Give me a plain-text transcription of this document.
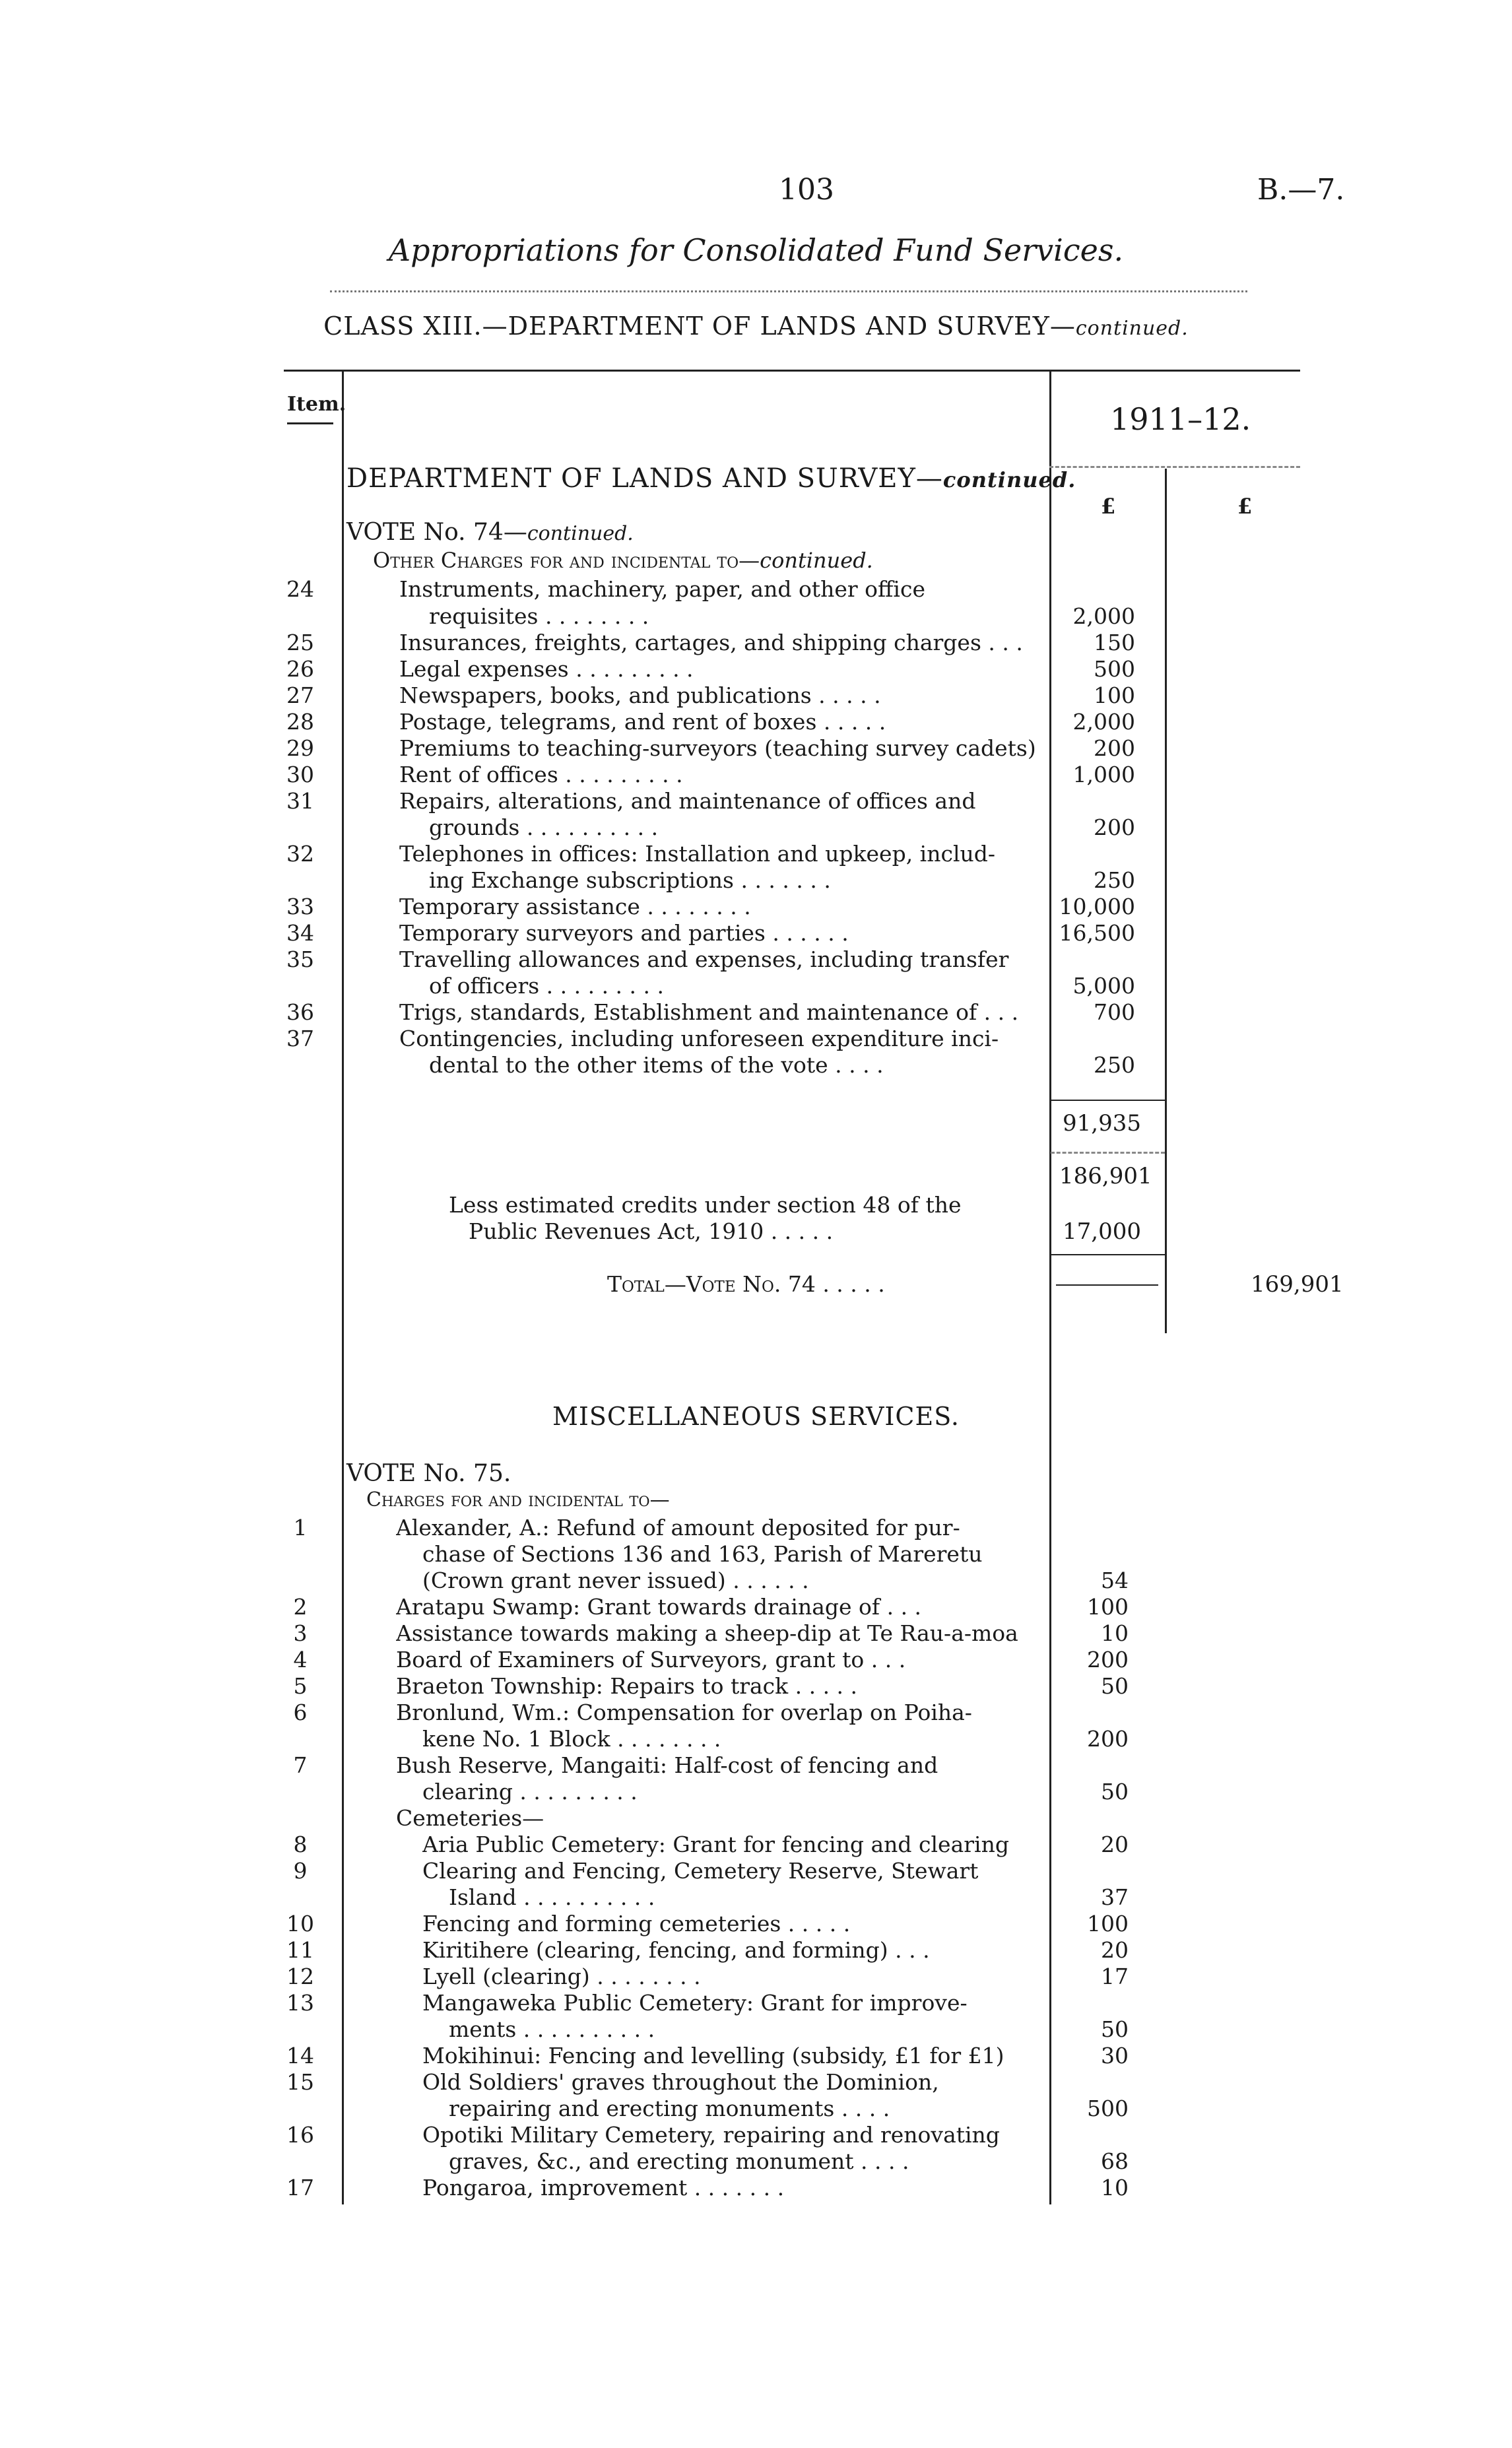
103	B.—7.
Appropriations for Consolidated Fund Services.
CLASS XIII.—DEPARTMENT OF LANDS AND SURVEY—continued.
Item.	1911–12.
£	£
DEPARTMENT OF LANDS AND SURVEY—continued.
VOTE No. 74—continued.
Other Charges for and incidental to—continued.
24	Instruments, machinery, paper, and other office
requisites . . . . . . . .	2,000
25	Insurances, freights, cartages, and shipping charges . . .	150
26	Legal expenses . . . . . . . . .	500
27	Newspapers, books, and publications . . . . .	100
28	Postage, telegrams, and rent of boxes . . . . .	2,000
29	Premiums to teaching-surveyors (teaching survey cadets)	200
30	Rent of offices . . . . . . . . .	1,000
31	Repairs, alterations, and maintenance of offices and
grounds . . . . . . . . . .	200
32	Telephones in offices: Installation and upkeep, includ-
ing Exchange subscriptions . . . . . . .	250
33	Temporary assistance . . . . . . . .	10,000
34	Temporary surveyors and parties . . . . . .	16,500
35	Travelling allowances and expenses, including transfer
of officers . . . . . . . . .	5,000
36	Trigs, standards, Establishment and maintenance of . . .	700
37	Contingencies, including unforeseen expenditure inci-
dental to the other items of the vote . . . .	250
91,935
186,901
Less estimated credits under section 48 of the
Public Revenues Act, 1910 . . . . .	17,000
Total—Vote No. 74 . . . . .	169,901
MISCELLANEOUS SERVICES.
VOTE No. 75.
Charges for and incidental to—
1	Alexander, A.: Refund of amount deposited for pur-
chase of Sections 136 and 163, Parish of Mareretu
(Crown grant never issued) . . . . . .	54
2	Aratapu Swamp: Grant towards drainage of . . .	100
3	Assistance towards making a sheep-dip at Te Rau-a-moa	10
4	Board of Examiners of Surveyors, grant to . . .	200
5	Braeton Township: Repairs to track . . . . .	50
6	Bronlund, Wm.: Compensation for overlap on Poiha-
kene No. 1 Block . . . . . . . .	200
7	Bush Reserve, Mangaiti: Half-cost of fencing and
clearing . . . . . . . . .	50
Cemeteries—
8	Aria Public Cemetery: Grant for fencing and clearing	20
9	Clearing and Fencing, Cemetery Reserve, Stewart
Island . . . . . . . . . .	37
10	Fencing and forming cemeteries . . . . .	100
11	Kiritihere (clearing, fencing, and forming) . . .	20
12	Lyell (clearing) . . . . . . . .	17
13	Mangaweka Public Cemetery: Grant for improve-
ments . . . . . . . . . .	50
14	Mokihinui: Fencing and levelling (subsidy, £1 for £1)	30
15	Old Soldiers' graves throughout the Dominion,
repairing and erecting monuments . . . .	500
16	Opotiki Military Cemetery, repairing and renovating
graves, &c., and erecting monument . . . .	68
17	Pongaroa, improvement . . . . . . .	10
